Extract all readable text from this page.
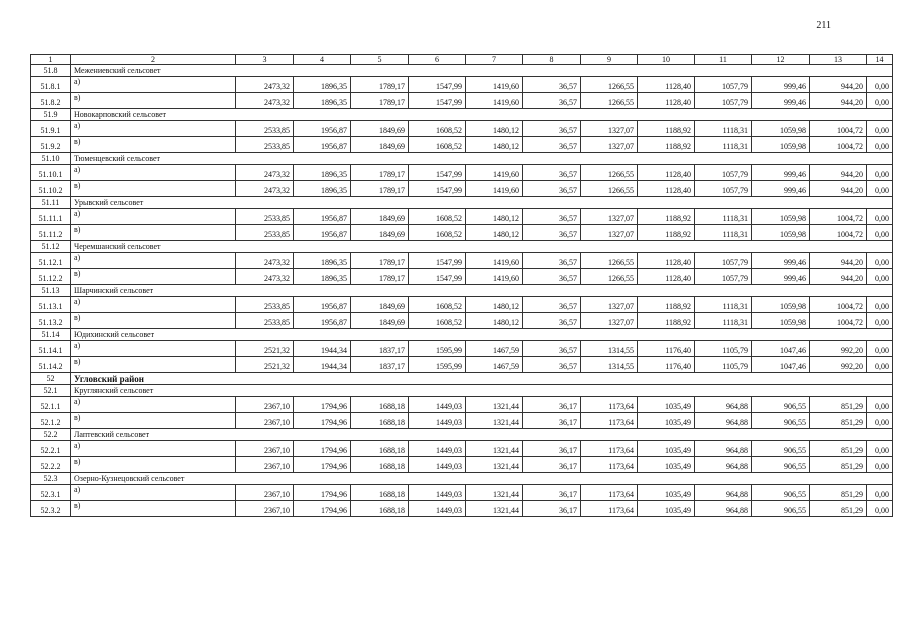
211
1	2	3	4	5	6	7	8	9	10	11	12	13	14
51.8	Межениевский сельсовет												
51.8.1	а)	2473,32	1896,35	1789,17	1547,99	1419,60	36,57	1266,55	1128,40	1057,79	999,46	944,20	0,00
51.8.2	в)	2473,32	1896,35	1789,17	1547,99	1419,60	36,57	1266,55	1128,40	1057,79	999,46	944,20	0,00
51.9	Новокарповский сельсовет												
51.9.1	а)	2533,85	1956,87	1849,69	1608,52	1480,12	36,57	1327,07	1188,92	1118,31	1059,98	1004,72	0,00
51.9.2	в)	2533,85	1956,87	1849,69	1608,52	1480,12	36,57	1327,07	1188,92	1118,31	1059,98	1004,72	0,00
51.10	Тюменцевский сельсовет												
51.10.1	а)	2473,32	1896,35	1789,17	1547,99	1419,60	36,57	1266,55	1128,40	1057,79	999,46	944,20	0,00
51.10.2	в)	2473,32	1896,35	1789,17	1547,99	1419,60	36,57	1266,55	1128,40	1057,79	999,46	944,20	0,00
51.11	Урывский сельсовет												
51.11.1	а)	2533,85	1956,87	1849,69	1608,52	1480,12	36,57	1327,07	1188,92	1118,31	1059,98	1004,72	0,00
51.11.2	в)	2533,85	1956,87	1849,69	1608,52	1480,12	36,57	1327,07	1188,92	1118,31	1059,98	1004,72	0,00
51.12	Черемшанский сельсовет												
51.12.1	а)	2473,32	1896,35	1789,17	1547,99	1419,60	36,57	1266,55	1128,40	1057,79	999,46	944,20	0,00
51.12.2	в)	2473,32	1896,35	1789,17	1547,99	1419,60	36,57	1266,55	1128,40	1057,79	999,46	944,20	0,00
51.13	Шарчинский сельсовет												
51.13.1	а)	2533,85	1956,87	1849,69	1608,52	1480,12	36,57	1327,07	1188,92	1118,31	1059,98	1004,72	0,00
51.13.2	в)	2533,85	1956,87	1849,69	1608,52	1480,12	36,57	1327,07	1188,92	1118,31	1059,98	1004,72	0,00
51.14	Юдихинский сельсовет												
51.14.1	а)	2521,32	1944,34	1837,17	1595,99	1467,59	36,57	1314,55	1176,40	1105,79	1047,46	992,20	0,00
51.14.2	в)	2521,32	1944,34	1837,17	1595,99	1467,59	36,57	1314,55	1176,40	1105,79	1047,46	992,20	0,00
52	Угловский район												
52.1	Круглянский сельсовет												
52.1.1	а)	2367,10	1794,96	1688,18	1449,03	1321,44	36,17	1173,64	1035,49	964,88	906,55	851,29	0,00
52.1.2	в)	2367,10	1794,96	1688,18	1449,03	1321,44	36,17	1173,64	1035,49	964,88	906,55	851,29	0,00
52.2	Лаптевский сельсовет												
52.2.1	а)	2367,10	1794,96	1688,18	1449,03	1321,44	36,17	1173,64	1035,49	964,88	906,55	851,29	0,00
52.2.2	в)	2367,10	1794,96	1688,18	1449,03	1321,44	36,17	1173,64	1035,49	964,88	906,55	851,29	0,00
52.3	Озерно-Кузнецовский сельсовет												
52.3.1	а)	2367,10	1794,96	1688,18	1449,03	1321,44	36,17	1173,64	1035,49	964,88	906,55	851,29	0,00
52.3.2	в)	2367,10	1794,96	1688,18	1449,03	1321,44	36,17	1173,64	1035,49	964,88	906,55	851,29	0,00
